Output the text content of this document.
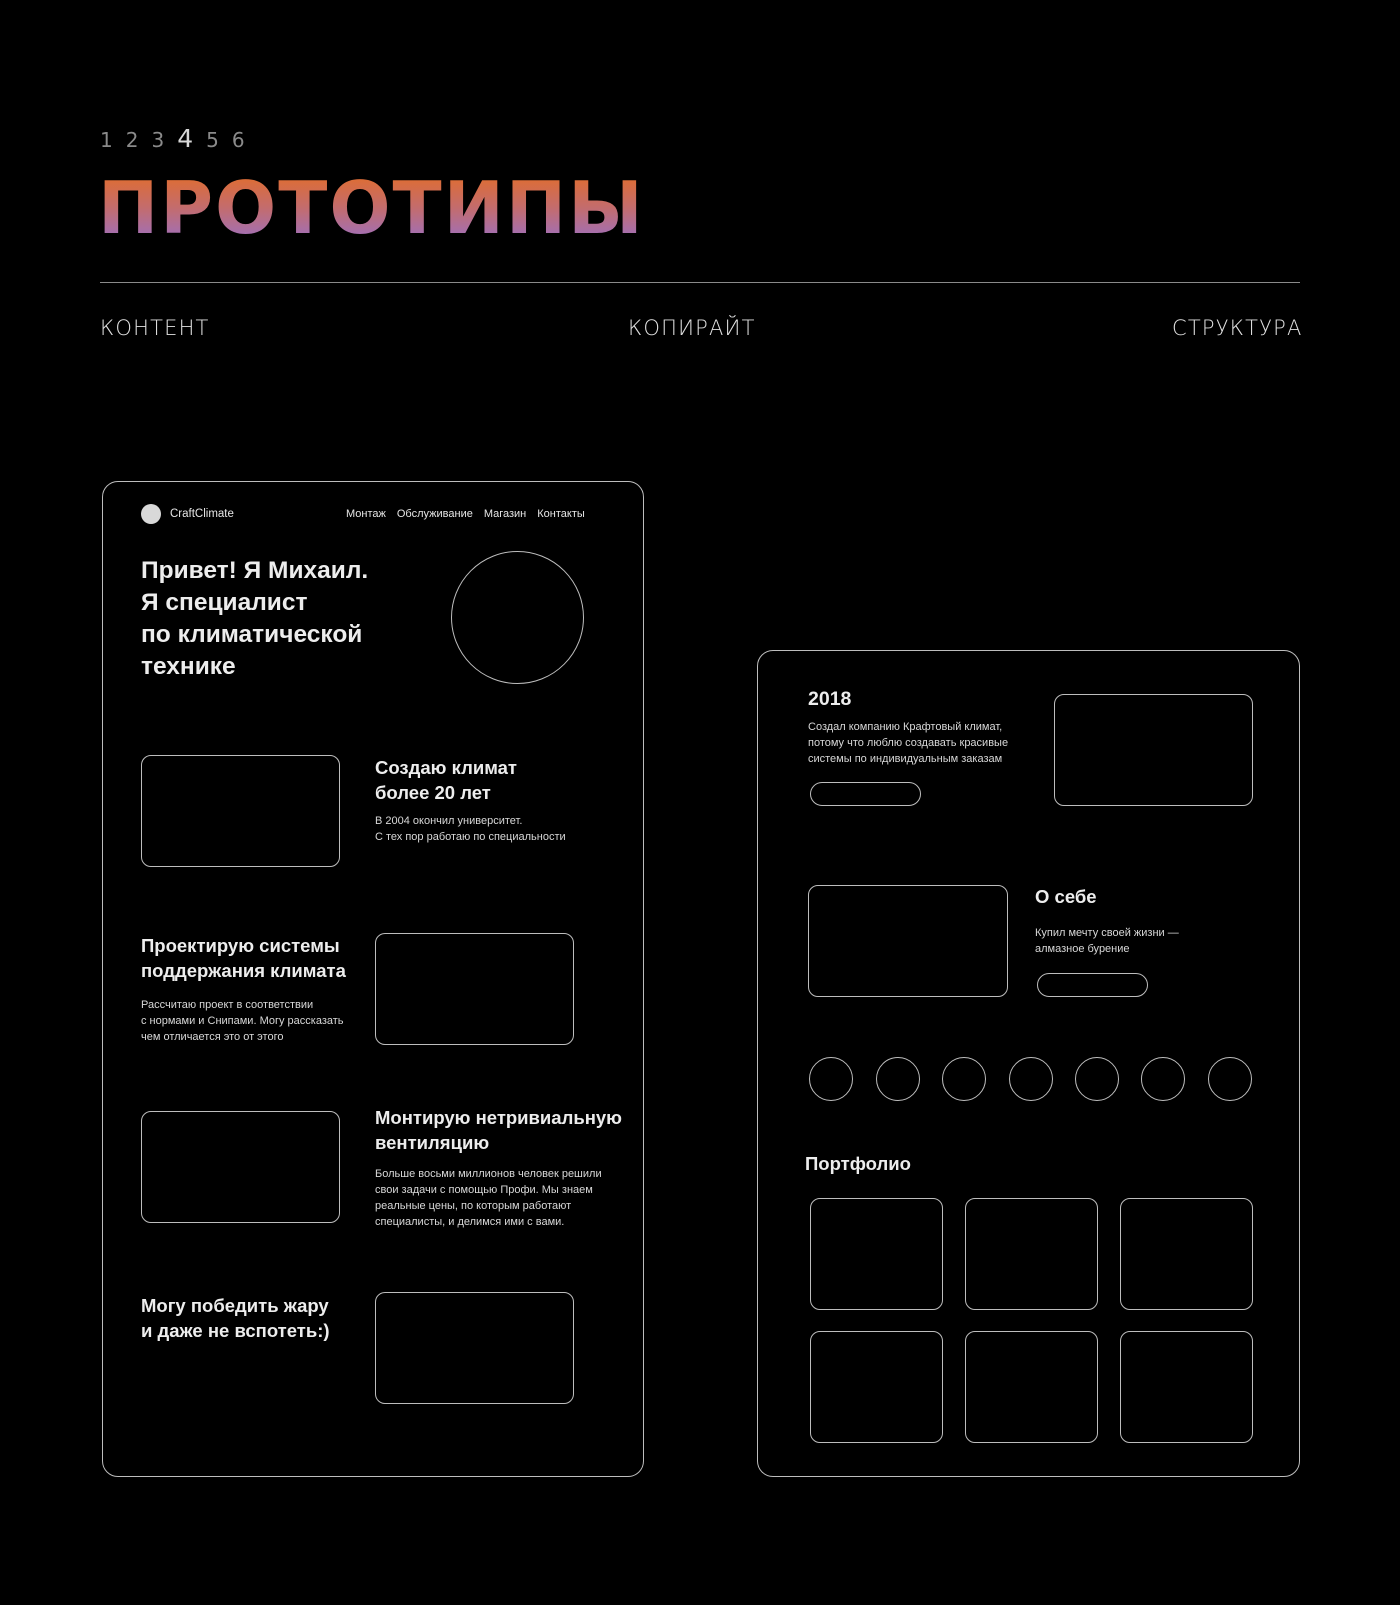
1 2 3 4 5 6
ПРОТОТИПЫ
КОНТЕНТ	КОПИРАЙТ	СТРУКТУРА
CraftClimate	Монтаж Обслуживание Магазин Контакты
Привет! Я Михаил.
Я специалист
по климатической
технике
Создаю климат
более 20 лет
В 2004 окончил университет.
С тех пор работаю по специальности
Проектирую системы
поддержания климата
Рассчитаю проект в соответствии
с нормами и Снипами. Могу рассказать
чем отличается это от этого
Монтирую нетривиальную
вентиляцию
Больше восьми миллионов человек решили
свои задачи с помощью Профи. Мы знаем
реальные цены, по которым работают
специалисты, и делимся ими с вами.
Могу победить жару
и даже не вспотеть:)
2018
Создал компанию Крафтовый климат,
потому что люблю создавать красивые
системы по индивидуальным заказам
О себе
Купил мечту своей жизни —
алмазное бурение
Портфолио
